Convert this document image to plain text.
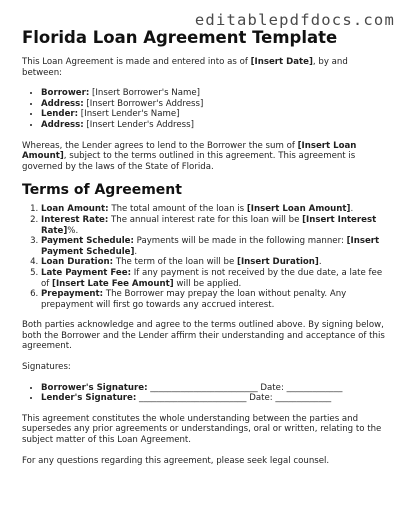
editablepdfdocs.com
Florida Loan Agreement Template

This Loan Agreement is made and entered into as of [Insert Date], by and between:

• Borrower: [Insert Borrower's Name]
• Address: [Insert Borrower's Address]
• Lender: [Insert Lender's Name]
• Address: [Insert Lender's Address]

Whereas, the Lender agrees to lend to the Borrower the sum of [Insert Loan Amount], subject to the terms outlined in this agreement. This agreement is governed by the laws of the State of Florida.

Terms of Agreement
1. Loan Amount: The total amount of the loan is [Insert Loan Amount].
2. Interest Rate: The annual interest rate for this loan will be [Insert Interest Rate]%.
3. Payment Schedule: Payments will be made in the following manner: [Insert Payment Schedule].
4. Loan Duration: The term of the loan will be [Insert Duration].
5. Late Payment Fee: If any payment is not received by the due date, a late fee of [Insert Late Fee Amount] will be applied.
6. Prepayment: The Borrower may prepay the loan without penalty. Any prepayment will first go towards any accrued interest.

Both parties acknowledge and agree to the terms outlined above. By signing below, both the Borrower and the Lender affirm their understanding and acceptance of this agreement.

Signatures:

• Borrower's Signature: _________________________ Date: _____________
• Lender's Signature: _________________________ Date: _____________

This agreement constitutes the whole understanding between the parties and supersedes any prior agreements or understandings, oral or written, relating to the subject matter of this Loan Agreement.

For any questions regarding this agreement, please seek legal counsel.
